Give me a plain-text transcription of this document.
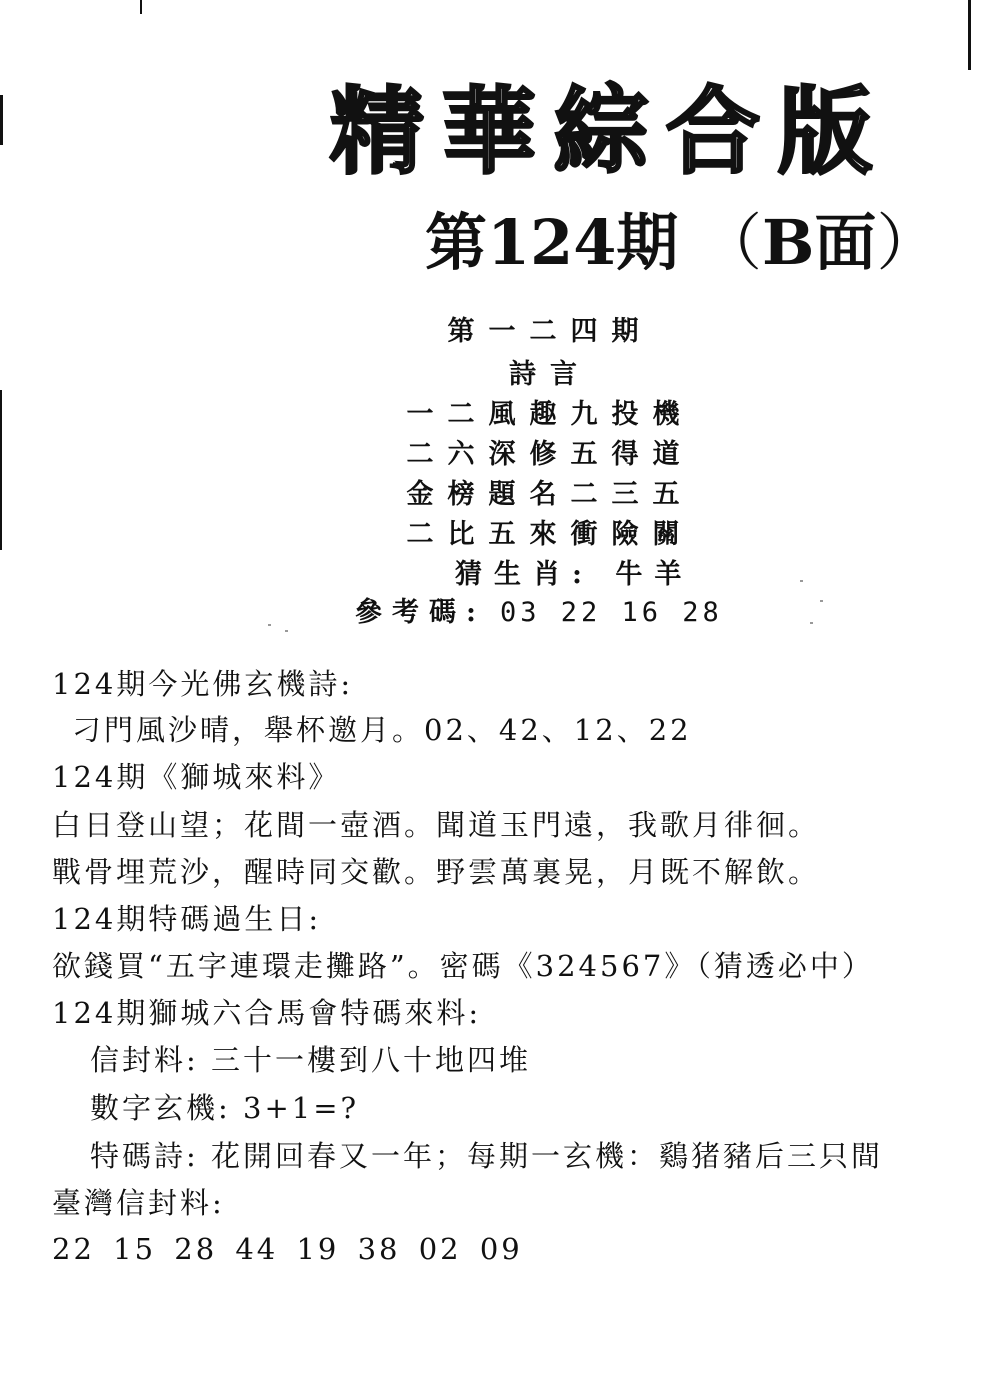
精華綜合版
第124期 （B面）
第一二四期
詩言
一二風趣九投機
二六深修五得道
金榜題名二三五
二比五來衝險關
猜生肖: 牛羊
參考碼: 03 22 16 28
124期今光佛玄機詩:
刁門風沙晴，舉杯邀月。02、42、12、22
124期《獅城來料》
白日登山望；花間一壺酒。聞道玉門遠，我歌月徘徊。
戰骨埋荒沙，醒時同交歡。野雲萬裏晃，月既不解飲。
124期特碼過生日:
欲錢買“五字連環走攤路”。密碼《324567》（猜透必中）
124期獅城六合馬會特碼來料:
信封料: 三十一樓到八十地四堆
數字玄機: 3+1=?
特碼詩: 花開回春又一年；每期一玄機：鷄猪豬后三只間
臺灣信封料:
22 15 28 44 19 38 02 09
